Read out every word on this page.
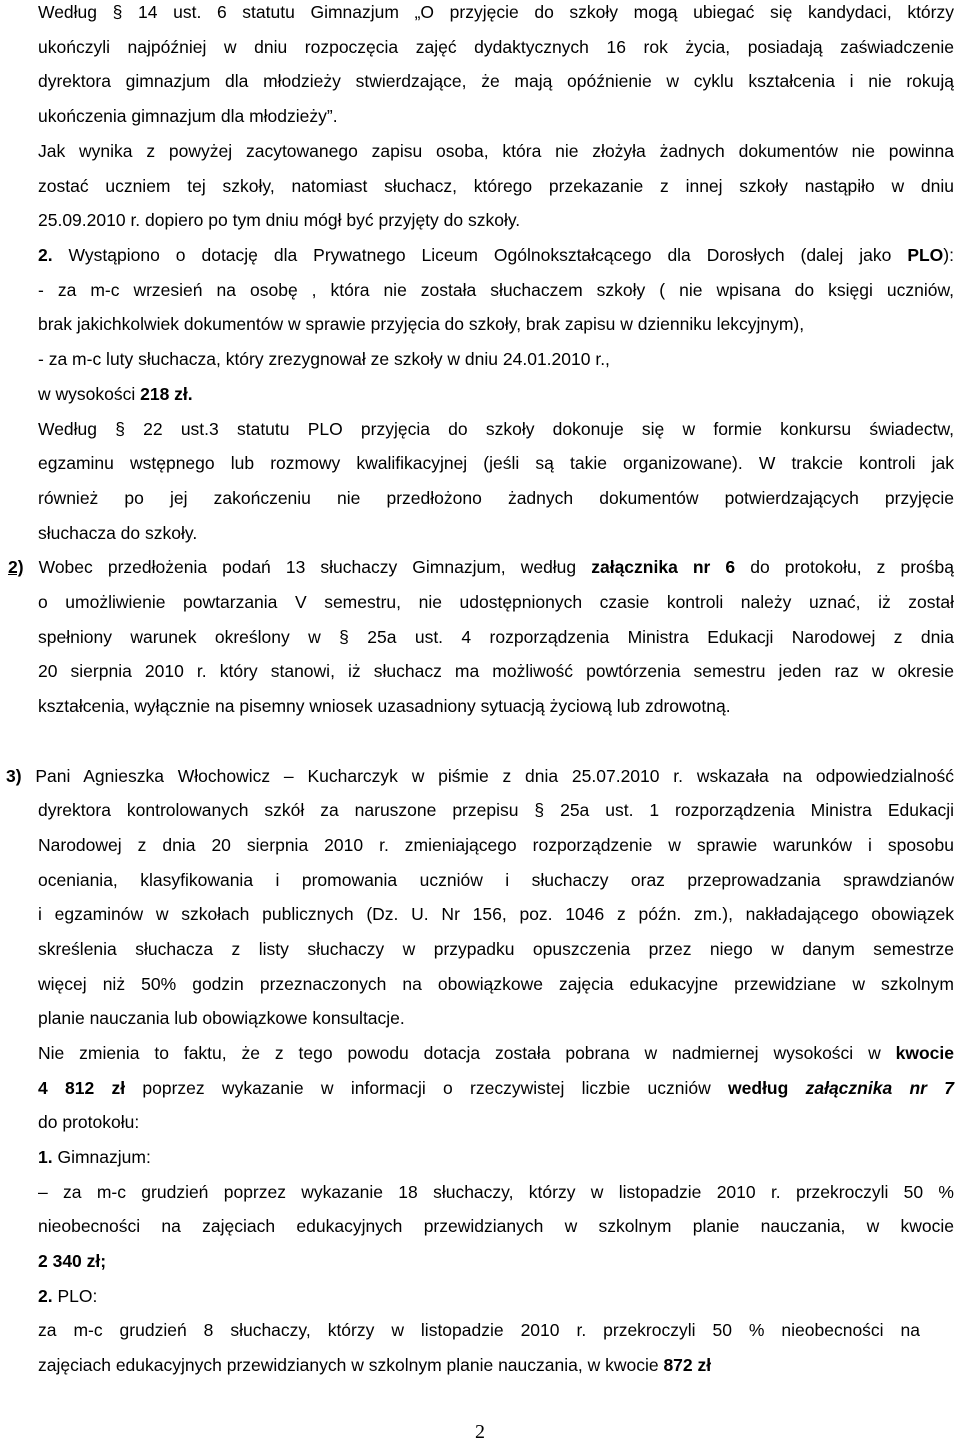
Według § 14 ust. 6 statutu Gimnazjum „O przyjęcie do szkoły mogą ubiegać się kandydaci, którzy
ukończyli najpóźniej w dniu rozpoczęcia zajęć dydaktycznych 16 rok życia, posiadają zaświadczenie
dyrektora gimnazjum dla młodzieży stwierdzające, że mają opóźnienie w cyklu kształcenia i nie rokują
ukończenia gimnazjum dla młodzieży”.
Jak wynika z powyżej zacytowanego zapisu osoba, która nie złożyła żadnych dokumentów nie powinna
zostać uczniem tej szkoły, natomiast słuchacz, którego przekazanie z innej szkoły nastąpiło w dniu
25.09.2010 r. dopiero po tym dniu mógł być przyjęty do szkoły.
2. Wystąpiono o dotację dla Prywatnego Liceum Ogólnokształcącego dla Dorosłych (dalej jako PLO):
- za m-c wrzesień na osobę , która nie została słuchaczem szkoły ( nie wpisana do księgi uczniów,
brak jakichkolwiek dokumentów w sprawie przyjęcia do szkoły, brak zapisu w dzienniku lekcyjnym),
- za m-c luty słuchacza, który zrezygnował ze szkoły w dniu 24.01.2010 r.,
w wysokości 218 zł.
Według § 22 ust.3 statutu PLO przyjęcia do szkoły dokonuje się w formie konkursu świadectw,
egzaminu wstępnego lub rozmowy kwalifikacyjnej (jeśli są takie organizowane). W trakcie kontroli jak
również po jej zakończeniu nie przedłożono żadnych dokumentów potwierdzających przyjęcie
słuchacza do szkoły.
2) Wobec przedłożenia podań 13 słuchaczy Gimnazjum, według załącznika nr 6 do protokołu, z prośbą
o umożliwienie powtarzania V semestru, nie udostępnionych czasie kontroli należy uznać, iż został
spełniony warunek określony w § 25a ust. 4 rozporządzenia Ministra Edukacji Narodowej z dnia
20 sierpnia 2010 r. który stanowi, iż słuchacz ma możliwość powtórzenia semestru jeden raz w okresie
kształcenia, wyłącznie na pisemny wniosek uzasadniony sytuacją życiową lub zdrowotną.
3) Pani Agnieszka Włochowicz – Kucharczyk w piśmie z dnia 25.07.2010 r. wskazała na odpowiedzialność
dyrektora kontrolowanych szkół za naruszone przepisu § 25a ust. 1 rozporządzenia Ministra Edukacji
Narodowej z dnia 20 sierpnia 2010 r. zmieniającego rozporządzenie w sprawie warunków i sposobu
oceniania, klasyfikowania i promowania uczniów i słuchaczy oraz przeprowadzania sprawdzianów
i egzaminów w szkołach publicznych (Dz. U. Nr 156, poz. 1046 z późn. zm.), nakładającego obowiązek
skreślenia słuchacza z listy słuchaczy w przypadku opuszczenia przez niego w danym semestrze
więcej niż 50% godzin przeznaczonych na obowiązkowe zajęcia edukacyjne przewidziane w szkolnym
planie nauczania lub obowiązkowe konsultacje.
Nie zmienia to faktu, że z tego powodu dotacja została pobrana w nadmiernej wysokości w kwocie
4 812 zł poprzez wykazanie w informacji o rzeczywistej liczbie uczniów według załącznika nr 7
do protokołu:
1. Gimnazjum:
– za m-c grudzień poprzez wykazanie 18 słuchaczy, którzy w listopadzie 2010 r. przekroczyli 50 %
nieobecności na zajęciach edukacyjnych przewidzianych w szkolnym planie nauczania, w kwocie
2 340 zł;
2. PLO:
za m-c grudzień 8 słuchaczy, którzy w listopadzie 2010 r. przekroczyli 50 % nieobecności na
zajęciach edukacyjnych przewidzianych w szkolnym planie nauczania, w kwocie 872 zł
2
